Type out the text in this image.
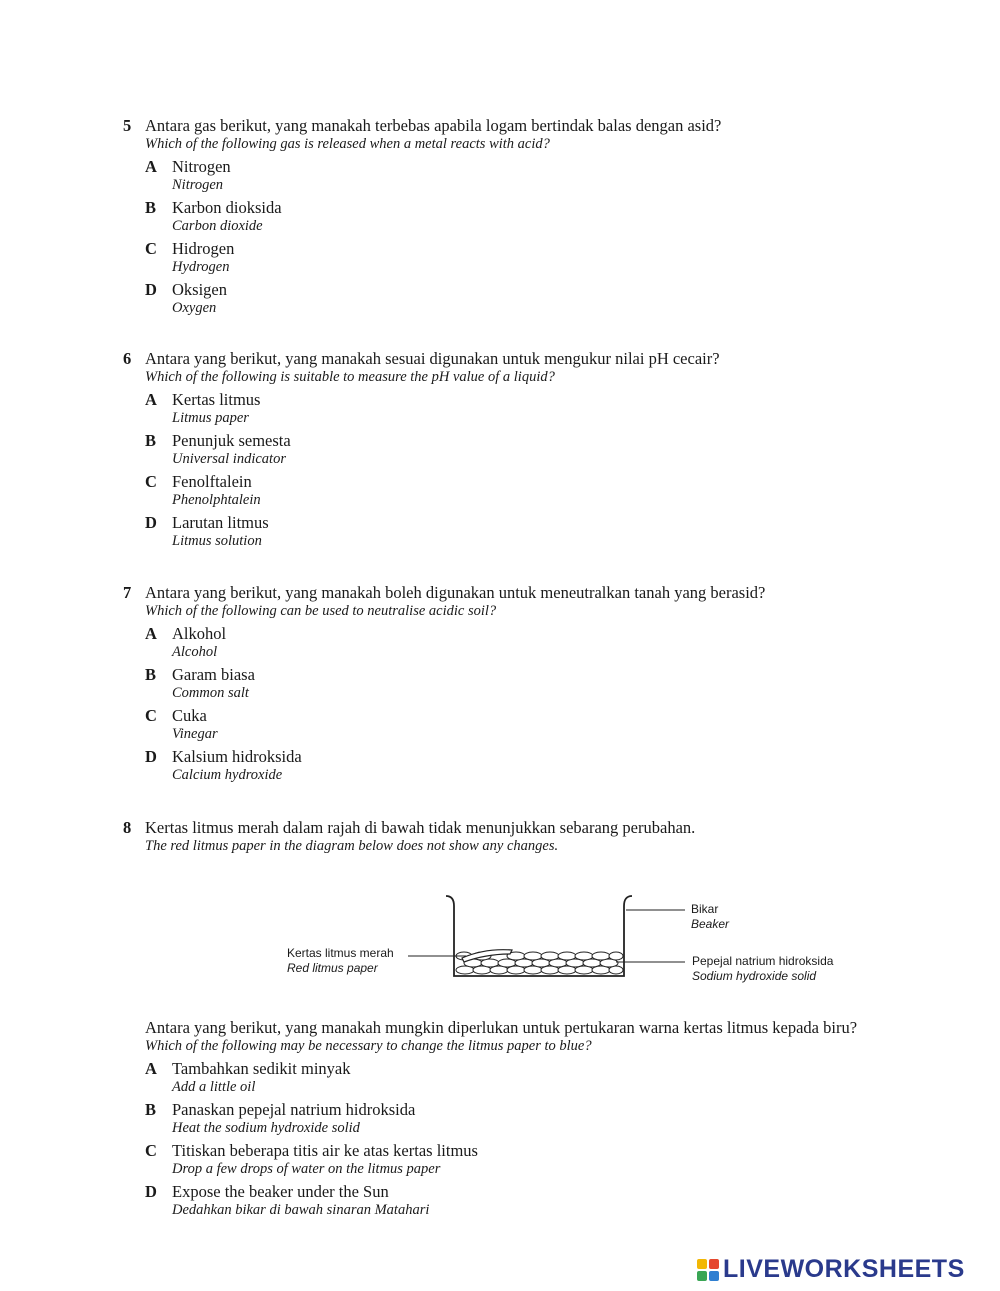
5 Antara gas berikut, yang manakah terbebas apabila logam bertindak balas dengan asid?
Which of the following gas is released when a metal reacts with acid?
A Nitrogen
Nitrogen
B Karbon dioksida
Carbon dioxide
C Hidrogen
Hydrogen
D Oksigen
Oxygen
6 Antara yang berikut, yang manakah sesuai digunakan untuk mengukur nilai pH cecair?
Which of the following is suitable to measure the pH value of a liquid?
A Kertas litmus
Litmus paper
B Penunjuk semesta
Universal indicator
C Fenolftalein
Phenolphtalein
D Larutan litmus
Litmus solution
7 Antara yang berikut, yang manakah boleh digunakan untuk meneutralkan tanah yang berasid?
Which of the following can be used to neutralise acidic soil?
A Alkohol
Alcohol
B Garam biasa
Common salt
C Cuka
Vinegar
D Kalsium hidroksida
Calcium hydroxide
8 Kertas litmus merah dalam rajah di bawah tidak menunjukkan sebarang perubahan.
The red litmus paper in the diagram below does not show any changes.
Kertas litmus merah
Red litmus paper
Bikar
Beaker
Pepejal natrium hidroksida
Sodium hydroxide solid
Antara yang berikut, yang manakah mungkin diperlukan untuk pertukaran warna kertas litmus kepada biru?
Which of the following may be necessary to change the litmus paper to blue?
A Tambahkan sedikit minyak
Add a little oil
B Panaskan pepejal natrium hidroksida
Heat the sodium hydroxide solid
C Titiskan beberapa titis air ke atas kertas litmus
Drop a few drops of water on the litmus paper
D Expose the beaker under the Sun
Dedahkan bikar di bawah sinaran Matahari
LIVEWORKSHEETS
